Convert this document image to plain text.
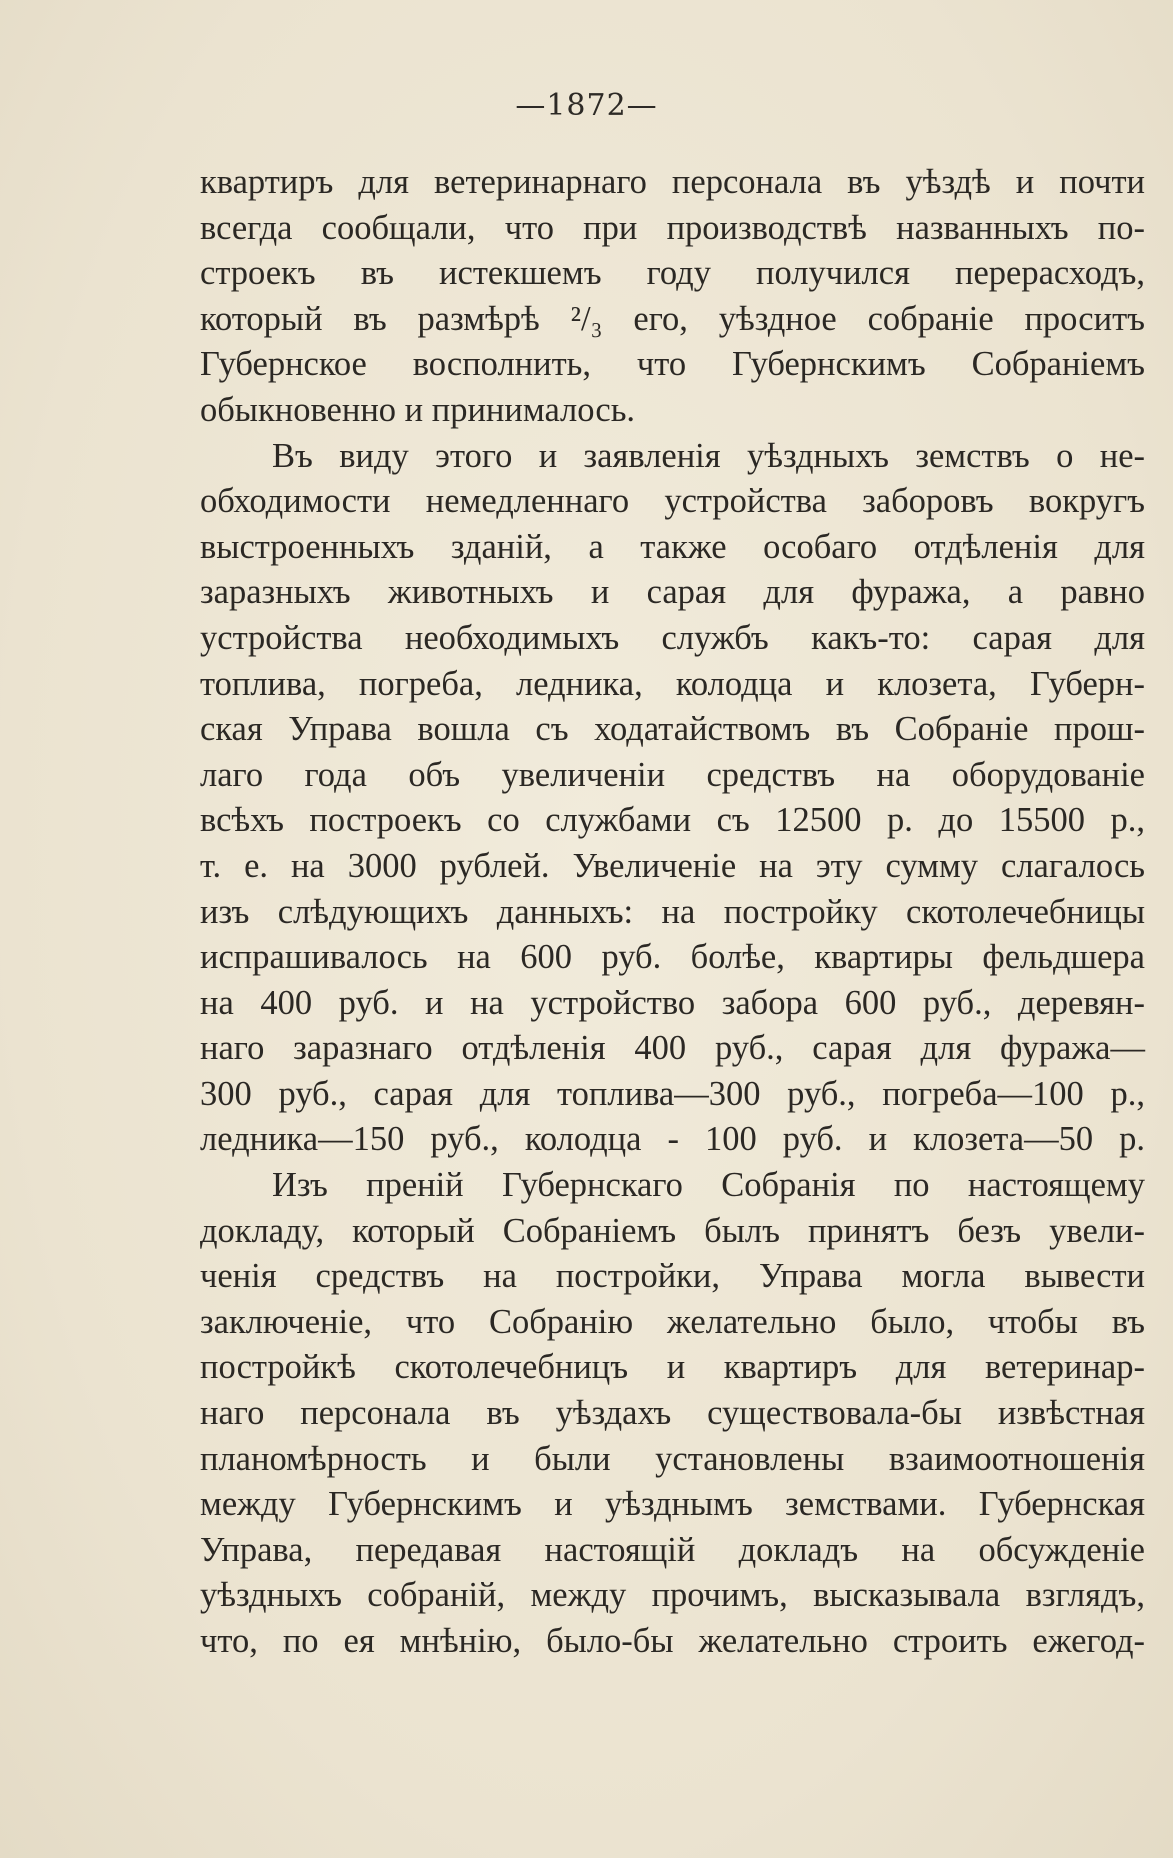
—1872—
квартиръ для ветеринарнаго персонала въ уѣздѣ и почти
всегда сообщали, что при производствѣ названныхъ по-
строекъ въ истекшемъ году получился перерасходъ,
который въ размѣрѣ ²/₃ его, уѣздное собраніе проситъ
Губернское восполнить, что Губернскимъ Собраніемъ
обыкновенно и принималось.
Въ виду этого и заявленія уѣздныхъ земствъ о не-
обходимости немедленнаго устройства заборовъ вокругъ
выстроенныхъ зданій, а также особаго отдѣленія для
заразныхъ животныхъ и сарая для фуража, а равно
устройства необходимыхъ службъ какъ-то: сарая для
топлива, погреба, ледника, колодца и клозета, Губерн-
ская Управа вошла съ ходатайствомъ въ Собраніе прош-
лаго года объ увеличеніи средствъ на оборудованіе
всѣхъ построекъ со службами съ 12500 р. до 15500 р.,
т. е. на 3000 рублей. Увеличеніе на эту сумму слагалось
изъ слѣдующихъ данныхъ: на постройку скотолечебницы
испрашивалось на 600 руб. болѣе, квартиры фельдшера
на 400 руб. и на устройство забора 600 руб., деревян-
наго заразнаго отдѣленія 400 руб., сарая для фуража—
300 руб., сарая для топлива—300 руб., погреба—100 р.,
ледника—150 руб., колодца - 100 руб. и клозета—50 р.
Изъ преній Губернскаго Собранія по настоящему
докладу, который Собраніемъ былъ принятъ безъ увели-
ченія средствъ на постройки, Управа могла вывести
заключеніе, что Собранію желательно было, чтобы въ
постройкѣ скотолечебницъ и квартиръ для ветеринар-
наго персонала въ уѣздахъ существовала-бы извѣстная
планомѣрность и были установлены взаимоотношенія
между Губернскимъ и уѣзднымъ земствами. Губернская
Управа, передавая настоящій докладъ на обсужденіе
уѣздныхъ собраній, между прочимъ, высказывала взглядъ,
что, по ея мнѣнію, было-бы желательно строить ежегод-
